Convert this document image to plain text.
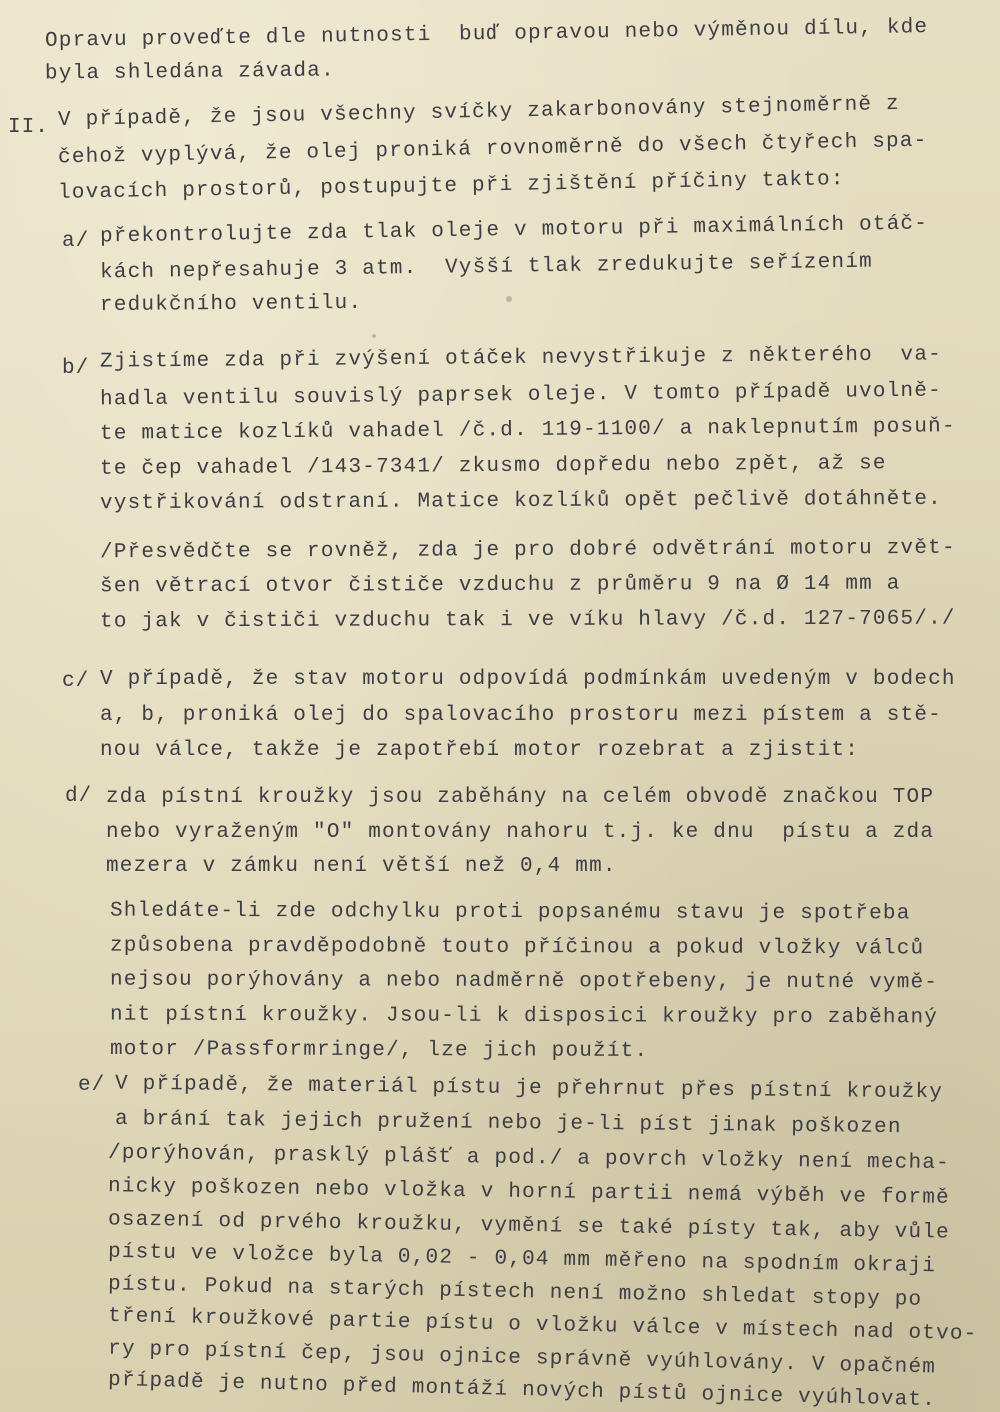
Opravu proveďte dle nutnosti  buď opravou nebo výměnou dílu, kde
byla shledána závada.
II. V případě, že jsou všechny svíčky zakarbonovány stejnoměrně z
čehož vyplývá, že olej proniká rovnoměrně do všech čtyřech spa-
lovacích prostorů, postupujte při zjištění příčiny takto:
a/ překontrolujte zda tlak oleje v motoru při maximálních otáč-
kách nepřesahuje 3 atm.  Vyšší tlak zredukujte seřízením
redukčního ventilu.
b/ Zjistíme zda při zvýšení otáček nevystřikuje z některého  va-
hadla ventilu souvislý paprsek oleje. V tomto případě uvolně-
te matice kozlíků vahadel /č.d. 119-1100/ a naklepnutím posuň-
te čep vahadel /143-7341/ zkusmo dopředu nebo zpět, až se
vystřikování odstraní. Matice kozlíků opět pečlivě dotáhněte.
/Přesvědčte se rovněž, zda je pro dobré odvětrání motoru zvět-
šen větrací otvor čističe vzduchu z průměru 9 na Ø 14 mm a
to jak v čističi vzduchu tak i ve víku hlavy /č.d. 127-7065/./
c/ V případě, že stav motoru odpovídá podmínkám uvedeným v bodech
a, b, proniká olej do spalovacího prostoru mezi pístem a stě-
nou válce, takže je zapotřebí motor rozebrat a zjistit:
d/ zda pístní kroužky jsou zaběhány na celém obvodě značkou TOP
nebo vyraženým "O" montovány nahoru t.j. ke dnu  pístu a zda
mezera v zámku není větší než 0,4 mm.
Shledáte-li zde odchylku proti popsanému stavu je spotřeba
způsobena pravděpodobně touto příčinou a pokud vložky válců
nejsou porýhovány a nebo nadměrně opotřebeny, je nutné vymě-
nit pístní kroužky. Jsou-li k disposici kroužky pro zaběhaný
motor /Passformringe/, lze jich použít.
e/ V případě, že materiál pístu je přehrnut přes pístní kroužky
a brání tak jejich pružení nebo je-li píst jinak poškozen
/porýhován, prasklý plášť a pod./ a povrch vložky není mecha-
nicky poškozen nebo vložka v horní partii nemá výběh ve formě
osazení od prvého kroužku, vymění se také písty tak, aby vůle
pístu ve vložce byla 0,02 - 0,04 mm měřeno na spodním okraji
pístu. Pokud na starých pístech není možno shledat stopy po
tření kroužkové partie pístu o vložku válce v místech nad otvo-
ry pro pístní čep, jsou ojnice správně vyúhlovány. V opačném
případě je nutno před montáží nových pístů ojnice vyúhlovat.
